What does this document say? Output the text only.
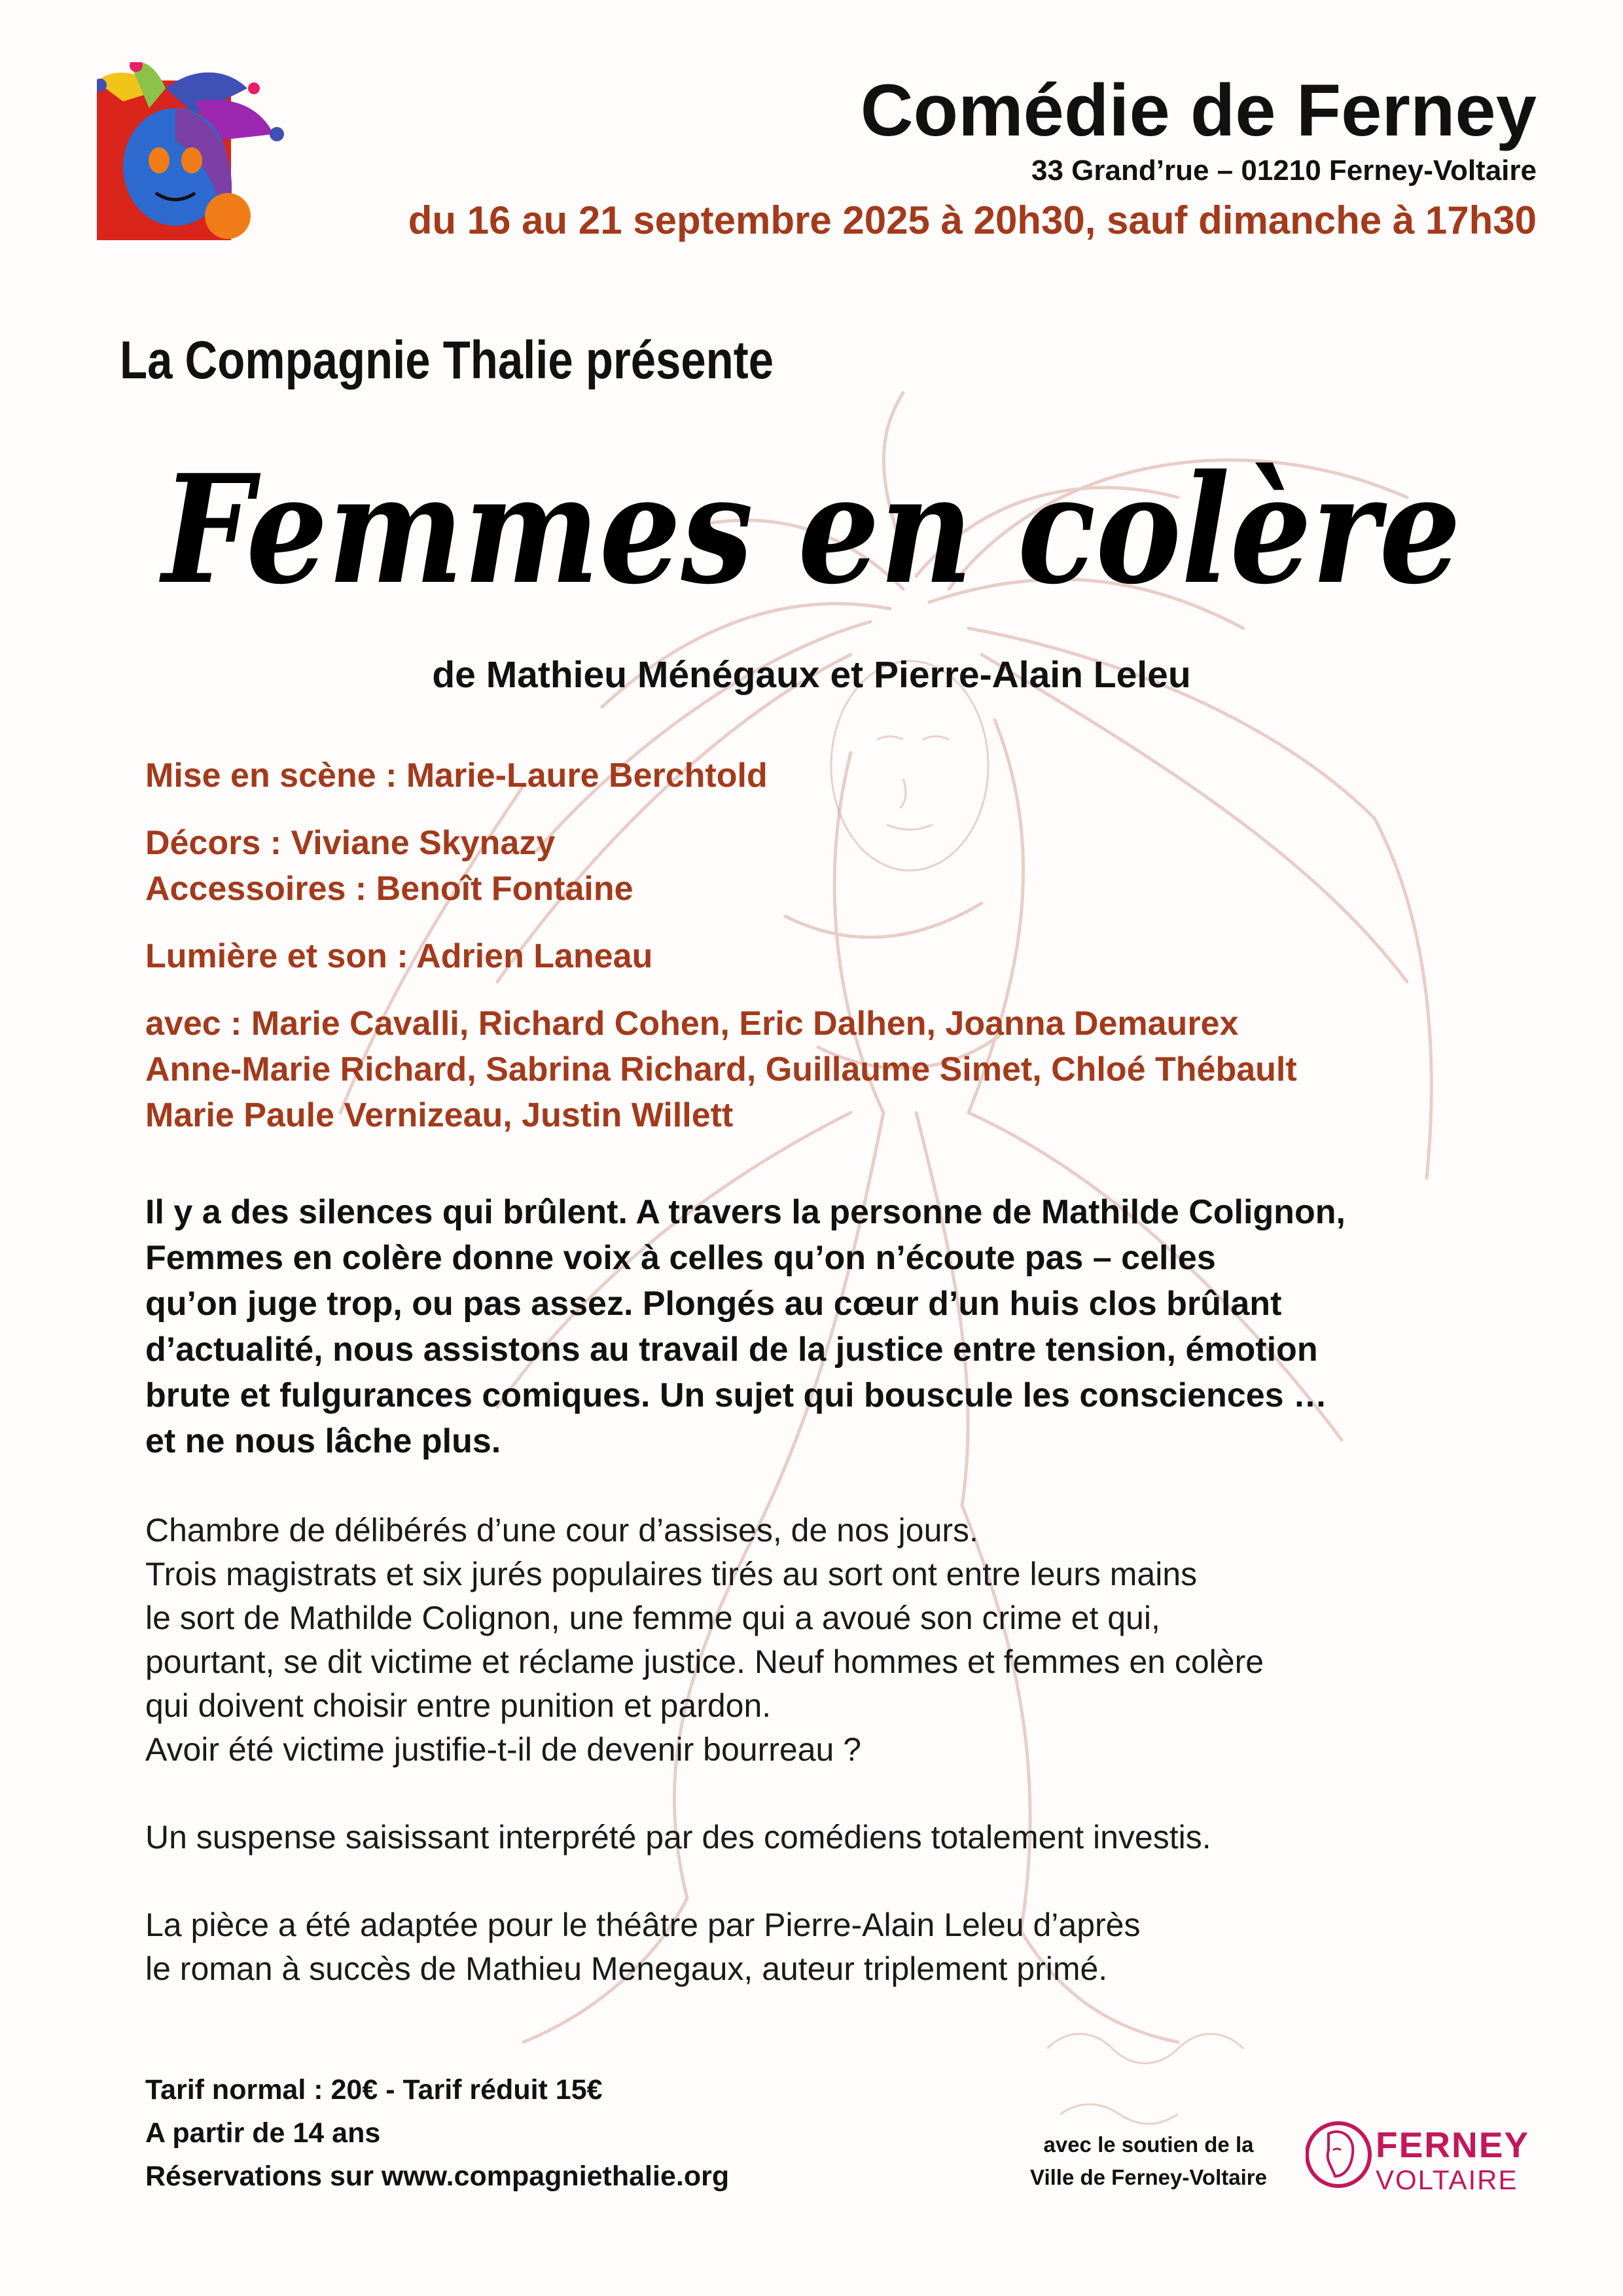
Comédie de Ferney
33 Grand’rue – 01210 Ferney-Voltaire
du 16 au 21 septembre 2025 à 20h30, sauf dimanche à 17h30
La Compagnie Thalie présente
Femmes en colère
de Mathieu Ménégaux et Pierre-Alain Leleu
Mise en scène : Marie-Laure Berchtold
Décors : Viviane Skynazy
Accessoires : Benoît Fontaine
Lumière et son : Adrien Laneau
avec : Marie Cavalli, Richard Cohen, Eric Dalhen, Joanna Demaurex
Anne-Marie Richard, Sabrina Richard, Guillaume Simet, Chloé Thébault
Marie Paule Vernizeau, Justin Willett
Il y a des silences qui brûlent. A travers la personne de Mathilde Colignon,
Femmes en colère donne voix à celles qu’on n’écoute pas – celles
qu’on juge trop, ou pas assez. Plongés au cœur d’un huis clos brûlant
d’actualité, nous assistons au travail de la justice entre tension, émotion
brute et fulgurances comiques. Un sujet qui bouscule les consciences …
et ne nous lâche plus.
Chambre de délibérés d’une cour d’assises, de nos jours.
Trois magistrats et six jurés populaires tirés au sort ont entre leurs mains
le sort de Mathilde Colignon, une femme qui a avoué son crime et qui,
pourtant, se dit victime et réclame justice. Neuf hommes et femmes en colère
qui doivent choisir entre punition et pardon.
Avoir été victime justifie-t-il de devenir bourreau ?
Un suspense saisissant interprété par des comédiens totalement investis.
La pièce a été adaptée pour le théâtre par Pierre-Alain Leleu d’après
le roman à succès de Mathieu Menegaux, auteur triplement primé.
Tarif normal : 20€ - Tarif réduit 15€
A partir de 14 ans
Réservations sur www.compagniethalie.org
avec le soutien de la
Ville de Ferney-Voltaire
FERNEY
VOLTAIRE
